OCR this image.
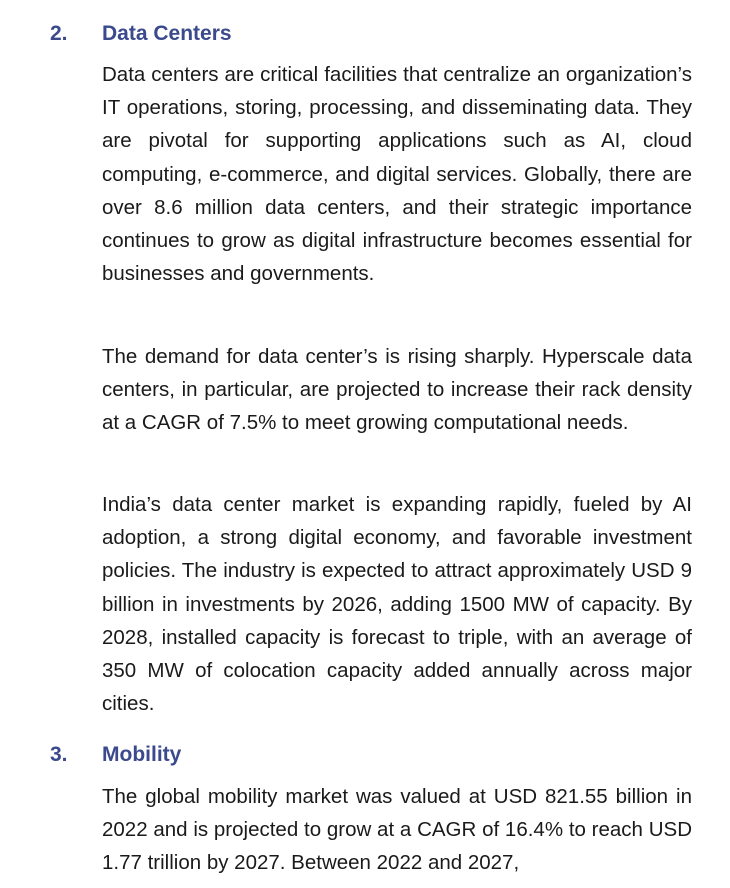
2. Data Centers

Data centers are critical facilities that centralize an organization’s IT operations, storing, processing, and disseminating data. They are pivotal for supporting applications such as AI, cloud computing, e-commerce, and digital services. Globally, there are over 8.6 million data centers, and their strategic importance continues to grow as digital infrastructure becomes essential for businesses and governments.

The demand for data center’s is rising sharply. Hyperscale data centers, in particular, are projected to increase their rack density at a CAGR of 7.5% to meet growing computational needs.

India’s data center market is expanding rapidly, fueled by AI adoption, a strong digital economy, and favorable investment policies. The industry is expected to attract approximately USD 9 billion in investments by 2026, adding 1500 MW of capacity. By 2028, installed capacity is forecast to triple, with an average of 350 MW of colocation capacity added annually across major cities.

3. Mobility

The global mobility market was valued at USD 821.55 billion in 2022 and is projected to grow at a CAGR of 16.4% to reach USD 1.77 trillion by 2027. Between 2022 and 2027,
